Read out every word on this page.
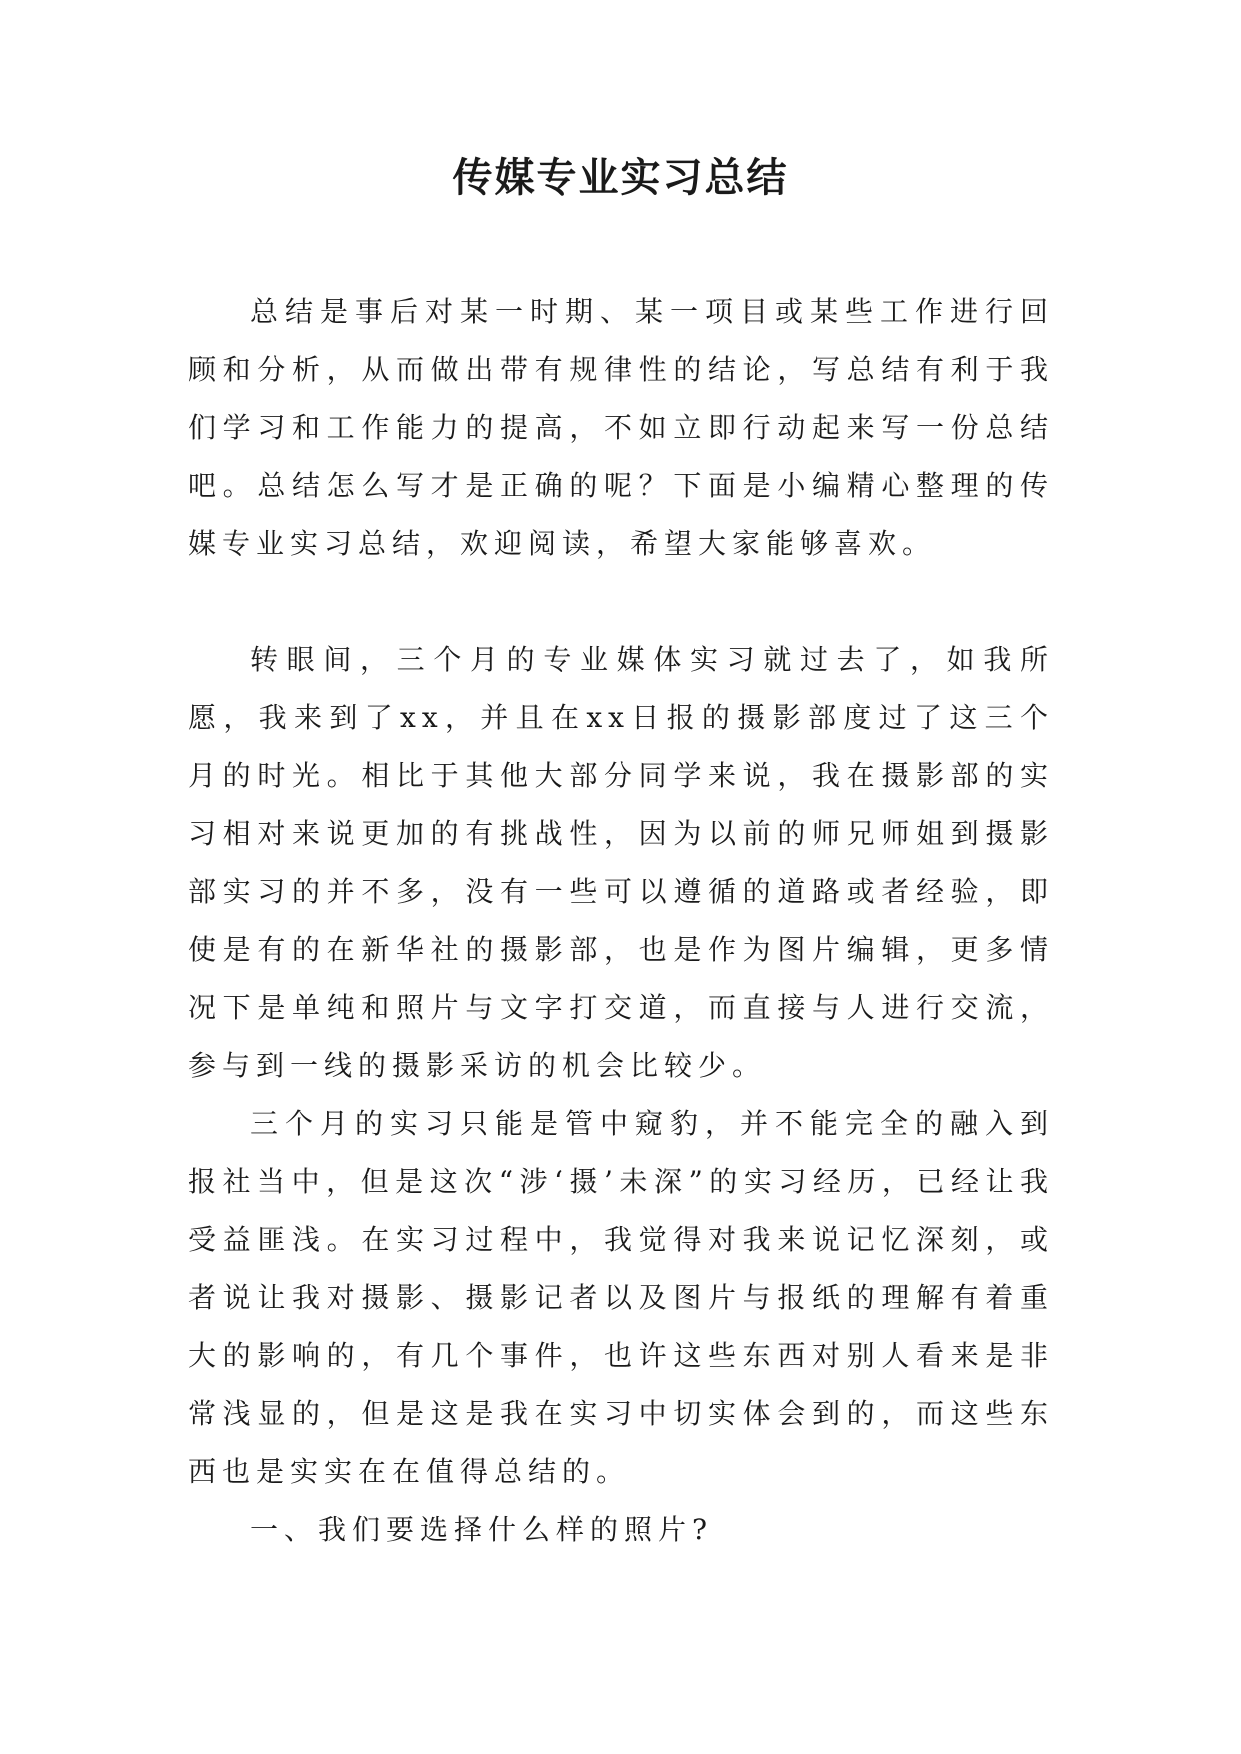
传媒专业实习总结

总结是事后对某一时期、某一项目或某些工作进行回顾和分析，从而做出带有规律性的结论，写总结有利于我们学习和工作能力的提高，不如立即行动起来写一份总结吧。总结怎么写才是正确的呢？下面是小编精心整理的传媒专业实习总结，欢迎阅读，希望大家能够喜欢。

转眼间，三个月的专业媒体实习就过去了，如我所愿，我来到了xx，并且在xx日报的摄影部度过了这三个月的时光。相比于其他大部分同学来说，我在摄影部的实习相对来说更加的有挑战性，因为以前的师兄师姐到摄影部实习的并不多，没有一些可以遵循的道路或者经验，即使是有的在新华社的摄影部，也是作为图片编辑，更多情况下是单纯和照片与文字打交道，而直接与人进行交流，参与到一线的摄影采访的机会比较少。

三个月的实习只能是管中窥豹，并不能完全的融入到报社当中，但是这次“涉‘摄’未深”的实习经历，已经让我受益匪浅。在实习过程中，我觉得对我来说记忆深刻，或者说让我对摄影、摄影记者以及图片与报纸的理解有着重大的影响的，有几个事件，也许这些东西对别人看来是非常浅显的，但是这是我在实习中切实体会到的，而这些东西也是实实在在值得总结的。

一、我们要选择什么样的照片?
